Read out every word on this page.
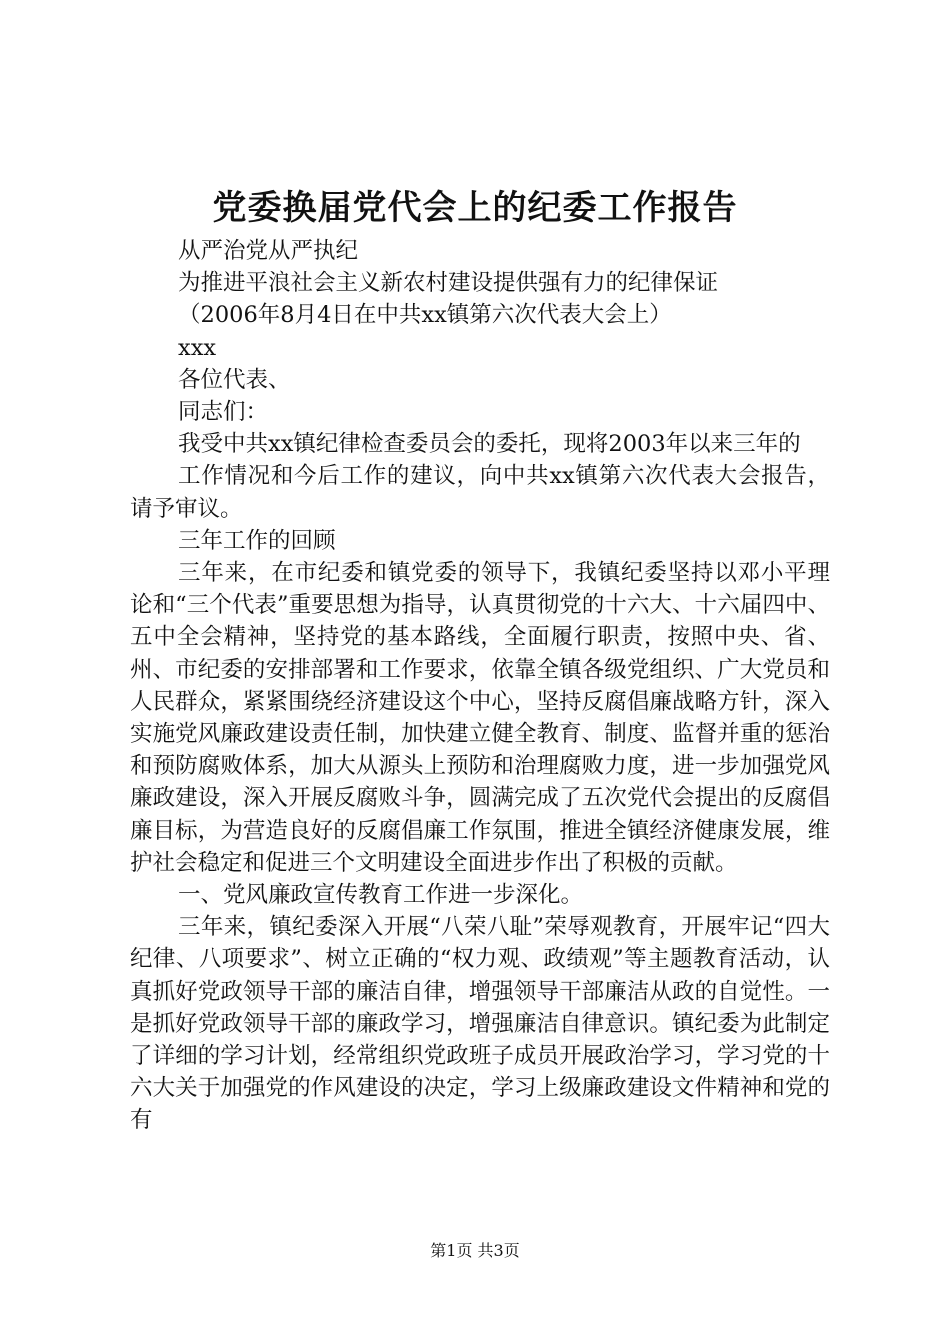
党委换届党代会上的纪委工作报告
从严治党从严执纪
为推进平浪社会主义新农村建设提供强有力的纪律保证
（2006年8月4日在中共xx镇第六次代表大会上）
xxx
各位代表、
同志们：

我受中共xx镇纪律检查委员会的委托，现将2003年以来三年的

工作情况和今后工作的建议，向中共xx镇第六次代表大会报告，请予审议。

三年工作的回顾

三年来，在市纪委和镇党委的领导下，我镇纪委坚持以邓小平理论和“三个代表”重要思想为指导，认真贯彻党的十六大、十六届四中、五中全会精神，坚持党的基本路线，全面履行职责，按照中央、省、州、市纪委的安排部署和工作要求，依靠全镇各级党组织、广大党员和人民群众，紧紧围绕经济建设这个中心，坚持反腐倡廉战略方针，深入实施党风廉政建设责任制，加快建立健全教育、制度、监督并重的惩治和预防腐败体系，加大从源头上预防和治理腐败力度，进一步加强党风廉政建设，深入开展反腐败斗争，圆满完成了五次党代会提出的反腐倡廉目标，为营造良好的反腐倡廉工作氛围，推进全镇经济健康发展，维护社会稳定和促进三个文明建设全面进步作出了积极的贡献。

一、党风廉政宣传教育工作进一步深化。

三年来，镇纪委深入开展“八荣八耻”荣辱观教育，开展牢记“四大纪律、八项要求”、树立正确的“权力观、政绩观”等主题教育活动，认真抓好党政领导干部的廉洁自律，增强领导干部廉洁从政的自觉性。一是抓好党政领导干部的廉政学习，增强廉洁自律意识。镇纪委为此制定了详细的学习计划，经常组织党政班子成员开展政治学习，学习党的十六大关于加强党的作风建设的决定，学习上级廉政建设文件精神和党的有

第1页 共3页
